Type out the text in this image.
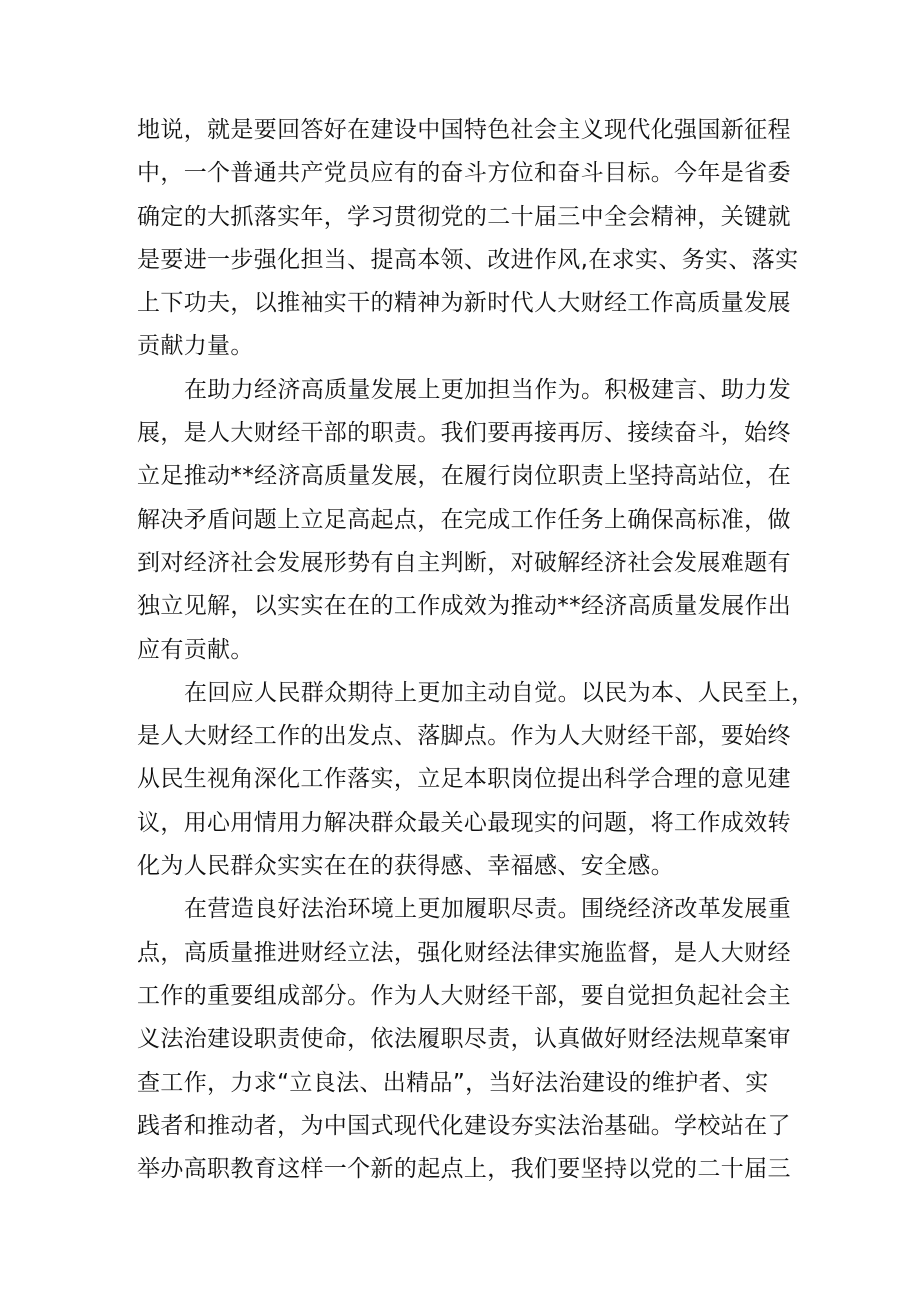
地说，就是要回答好在建设中国特色社会主义现代化强国新征程
中，一个普通共产党员应有的奋斗方位和奋斗目标。今年是省委
确定的大抓落实年，学习贯彻党的二十届三中全会精神，关键就
是要进一步强化担当、提高本领、改进作风,在求实、务实、落实
上下功夫，以推袖实干的精神为新时代人大财经工作高质量发展
贡献力量。
在助力经济高质量发展上更加担当作为。积极建言、助力发
展，是人大财经干部的职责。我们要再接再厉、接续奋斗，始终
立足推动**经济高质量发展，在履行岗位职责上坚持高站位，在
解决矛盾问题上立足高起点，在完成工作任务上确保高标准，做
到对经济社会发展形势有自主判断，对破解经济社会发展难题有
独立见解，以实实在在的工作成效为推动**经济高质量发展作出
应有贡献。
在回应人民群众期待上更加主动自觉。以民为本、人民至上，
是人大财经工作的出发点、落脚点。作为人大财经干部，要始终
从民生视角深化工作落实，立足本职岗位提出科学合理的意见建
议，用心用情用力解决群众最关心最现实的问题，将工作成效转
化为人民群众实实在在的获得感、幸福感、安全感。
在营造良好法治环境上更加履职尽责。围绕经济改革发展重
点，高质量推进财经立法，强化财经法律实施监督，是人大财经
工作的重要组成部分。作为人大财经干部，要自觉担负起社会主
义法治建设职责使命，依法履职尽责，认真做好财经法规草案审
查工作，力求“立良法、出精品”，当好法治建设的维护者、实
践者和推动者，为中国式现代化建设夯实法治基础。学校站在了
举办高职教育这样一个新的起点上，我们要坚持以党的二十届三
